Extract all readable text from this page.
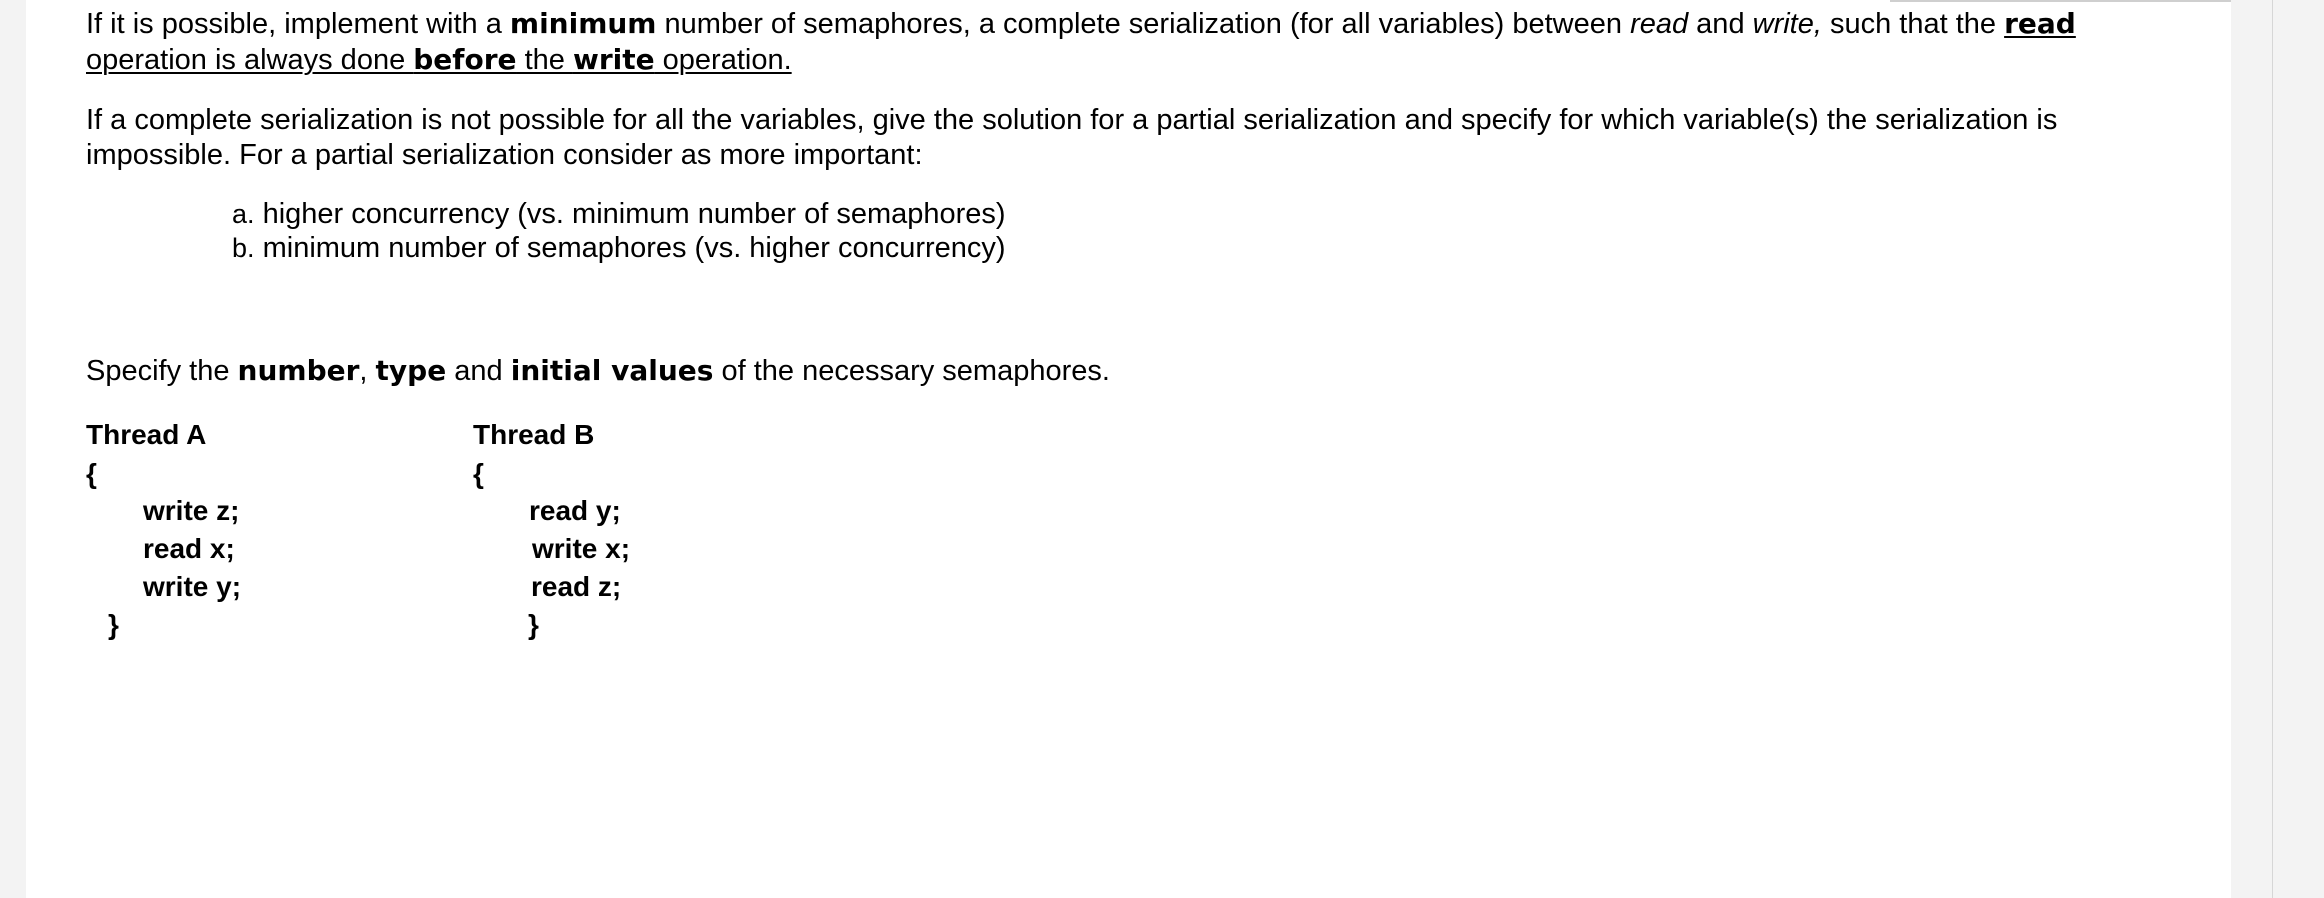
If it is possible, implement with a minimum number of semaphores, a complete serialization (for all variables) between read and write, such that the read
operation is always done before the write operation.
If a complete serialization is not possible for all the variables, give the solution for a partial serialization and specify for which variable(s) the serialization is
impossible. For a partial serialization consider as more important:
a. higher concurrency (vs. minimum number of semaphores)
b. minimum number of semaphores (vs. higher concurrency)
Specify the number, type and initial values of the necessary semaphores.
Thread A
{
write z;
read x;
write y;
}
Thread B
{
read y;
write x;
read z;
}
